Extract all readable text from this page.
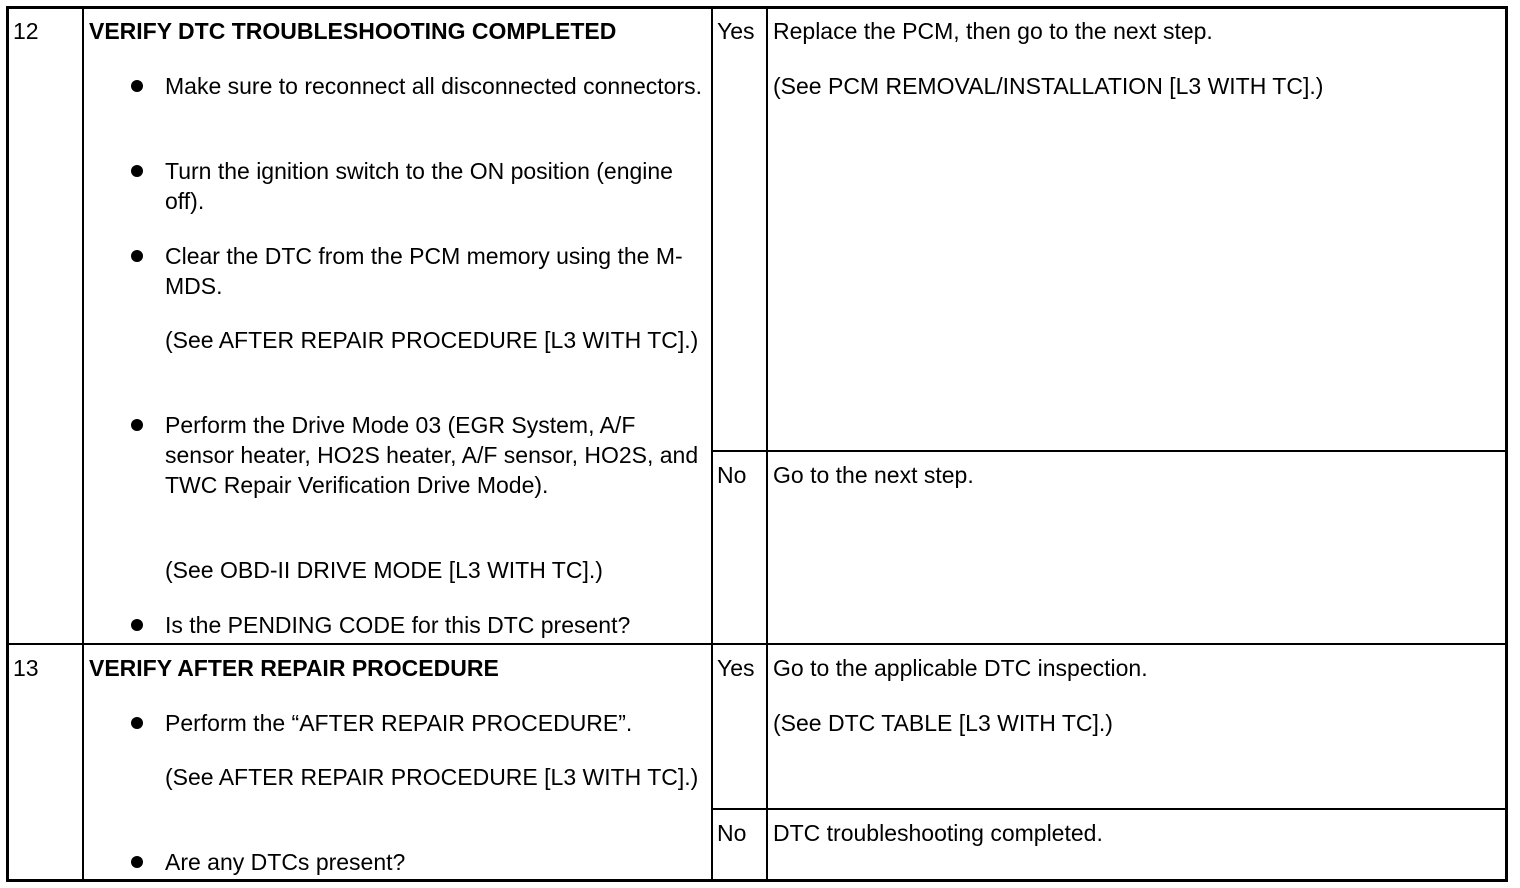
12	VERIFY DTC TROUBLESHOOTING COMPLETED
Make sure to reconnect all disconnected connectors.
Turn the ignition switch to the ON position (engine off).
Clear the DTC from the PCM memory using the M-MDS.
(See AFTER REPAIR PROCEDURE [L3 WITH TC].)
Perform the Drive Mode 03 (EGR System, A/F sensor heater, HO2S heater, A/F sensor, HO2S, and TWC Repair Verification Drive Mode).
(See OBD-II DRIVE MODE [L3 WITH TC].)
Is the PENDING CODE for this DTC present?
Yes Replace the PCM, then go to the next step.
(See PCM REMOVAL/INSTALLATION [L3 WITH TC].)
No	Go to the next step.
13	VERIFY AFTER REPAIR PROCEDURE
Perform the “AFTER REPAIR PROCEDURE”.
(See AFTER REPAIR PROCEDURE [L3 WITH TC].)
Are any DTCs present?
Yes Go to the applicable DTC inspection.
(See DTC TABLE [L3 WITH TC].)
No	DTC troubleshooting completed.
